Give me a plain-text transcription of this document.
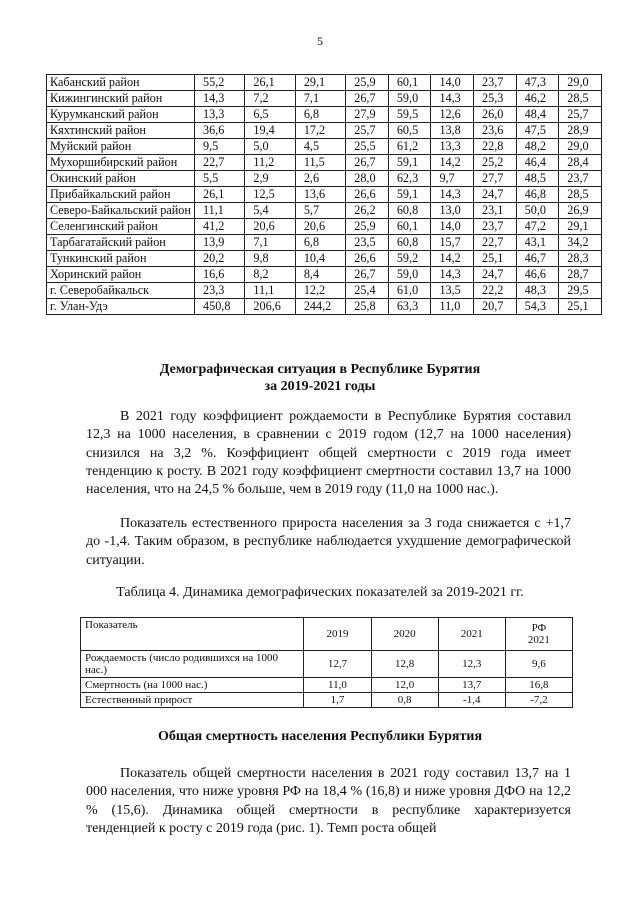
5
Кабанский район	55,2	26,1	29,1	25,9	60,1	14,0	23,7	47,3	29,0
Кижингинский район	14,3	7,2	7,1	26,7	59,0	14,3	25,3	46,2	28,5
Курумканский район	13,3	6,5	6,8	27,9	59,5	12,6	26,0	48,4	25,7
Кяхтинский район	36,6	19,4	17,2	25,7	60,5	13,8	23,6	47,5	28,9
Муйский район	9,5	5,0	4,5	25,5	61,2	13,3	22,8	48,2	29,0
Мухоршибирский район	22,7	11,2	11,5	26,7	59,1	14,2	25,2	46,4	28,4
Окинский район	5,5	2,9	2,6	28,0	62,3	9,7	27,7	48,5	23,7
Прибайкальский район	26,1	12,5	13,6	26,6	59,1	14,3	24,7	46,8	28,5
Северо-Байкальский район	11,1	5,4	5,7	26,2	60,8	13,0	23,1	50,0	26,9
Селенгинский район	41,2	20,6	20,6	25,9	60,1	14,0	23,7	47,2	29,1
Тарбагатайский район	13,9	7,1	6,8	23,5	60,8	15,7	22,7	43,1	34,2
Тункинский район	20,2	9,8	10,4	26,6	59,2	14,2	25,1	46,7	28,3
Хоринский район	16,6	8,2	8,4	26,7	59,0	14,3	24,7	46,6	28,7
г. Северобайкальск	23,3	11,1	12,2	25,4	61,0	13,5	22,2	48,3	29,5
г. Улан-Удэ	450,8	206,6	244,2	25,8	63,3	11,0	20,7	54,3	25,1
Демографическая ситуация в Республике Бурятия
за 2019-2021 годы

В 2021 году коэффициент рождаемости в Республике Бурятия составил 12,3 на 1000 населения, в сравнении с 2019 годом (12,7 на 1000 населения) снизился на 3,2 %. Коэффициент общей смертности с 2019 года имеет тенденцию к росту. В 2021 году коэффициент смертности составил 13,7 на 1000 населения, что на 24,5 % больше, чем в 2019 году (11,0 на 1000 нас.).

Показатель естественного прироста населения за 3 года снижается с +1,7 до -1,4. Таким образом, в республике наблюдается ухудшение демографической ситуации.

Таблица 4. Динамика демографических показателей за 2019-2021 гг.
Показатель	2019	2020	2021	РФ
2021

Рождаемость (число родившихся на 1000 нас.)	12,7	12,8	12,3	9,6
Смертность (на 1000 нас.)	11,0	12,0	13,7	16,8
Естественный прирост	1,7	0,8	-1,4	-7,2
Общая смертность населения Республики Бурятия

Показатель общей смертности населения в 2021 году составил 13,7 на 1 000 населения, что ниже уровня РФ на 18,4 % (16,8) и ниже уровня ДФО на 12,2 % (15,6). Динамика общей смертности в республике характеризуется тенденцией к росту с 2019 года (рис. 1). Темп роста общей
